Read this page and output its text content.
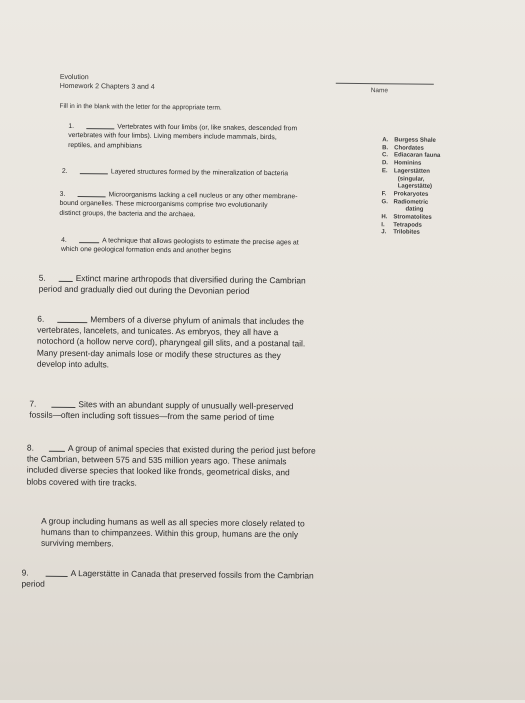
Evolution
Homework 2 Chapters 3 and 4	Name
Fill in in the blank with the letter for the appropriate term.
1.	Vertebrates with four limbs (or, like snakes, descended from
vertebrates with four limbs). Living members include mammals, birds,
reptiles, and amphibians
2.	Layered structures formed by the mineralization of bacteria
3.	Microorganisms lacking a cell nucleus or any other membrane-
bound organelles. These microorganisms comprise two evolutionarily
distinct groups, the bacteria and the archaea.
4.	A technique that allows geologists to estimate the precise ages at
which one geological formation ends and another begins
5.	Extinct marine arthropods that diversified during the Cambrian
period and gradually died out during the Devonian period
6.	Members of a diverse phylum of animals that includes the
vertebrates, lancelets, and tunicates. As embryos, they all have a
notochord (a hollow nerve cord), pharyngeal gill slits, and a postanal tail.
Many present-day animals lose or modify these structures as they
develop into adults.
7.	Sites with an abundant supply of unusually well-preserved
fossils—often including soft tissues—from the same period of time
8.	A group of animal species that existed during the period just before
the Cambrian, between 575 and 535 million years ago. These animals
included diverse species that looked like fronds, geometrical disks, and
blobs covered with tire tracks.
A group including humans as well as all species more closely related to
humans than to chimpanzees. Within this group, humans are the only
surviving members.
9.	A Lagerstätte in Canada that preserved fossils from the Cambrian
period
A. Burgess Shale
B. Chordates
C. Ediacaran fauna
D. Hominins
E. Lagerstätten
(singular,
Lagerstätte)
F. Prokaryotes
G. Radiometric
dating
H. Stromatolites
I. Tetrapods
J. Trilobites
